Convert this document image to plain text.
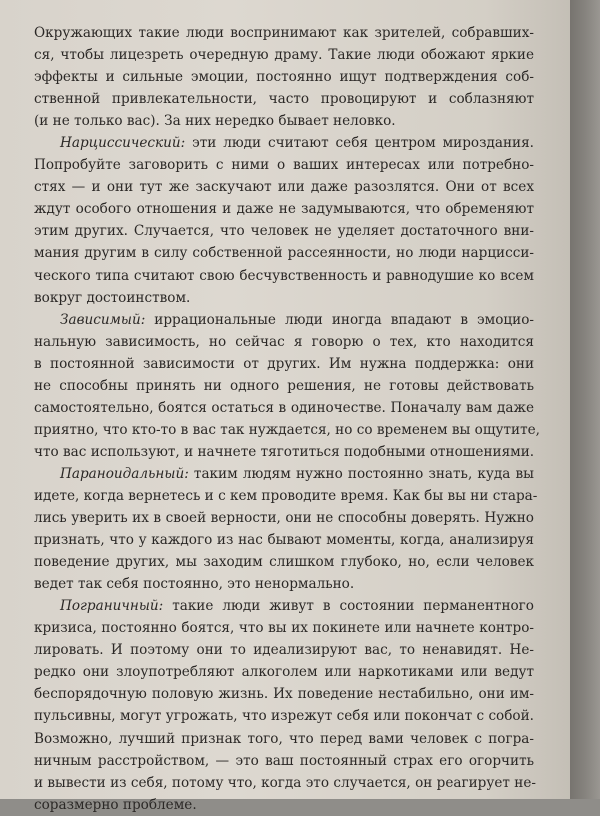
Окружающих такие люди воспринимают как зрителей, собравших-
ся, чтобы лицезреть очередную драму. Такие люди обожают яркие
эффекты и сильные эмоции, постоянно ищут подтверждения соб-
ственной привлекательности, часто провоцируют и соблазняют
(и не только вас). За них нередко бывает неловко.
Нарциссический: эти люди считают себя центром мироздания.
Попробуйте заговорить с ними о ваших интересах или потребно-
стях — и они тут же заскучают или даже разозлятся. Они от всех
ждут особого отношения и даже не задумываются, что обременяют
этим других. Случается, что человек не уделяет достаточного вни-
мания другим в силу собственной рассеянности, но люди нарцисси-
ческого типа считают свою бесчувственность и равнодушие ко всем
вокруг достоинством.
Зависимый: иррациональные люди иногда впадают в эмоцио-
нальную зависимость, но сейчас я говорю о тех, кто находится
в постоянной зависимости от других. Им нужна поддержка: они
не способны принять ни одного решения, не готовы действовать
самостоятельно, боятся остаться в одиночестве. Поначалу вам даже
приятно, что кто-то в вас так нуждается, но со временем вы ощутите,
что вас используют, и начнете тяготиться подобными отношениями.
Параноидальный: таким людям нужно постоянно знать, куда вы
идете, когда вернетесь и с кем проводите время. Как бы вы ни стара-
лись уверить их в своей верности, они не способны доверять. Нужно
признать, что у каждого из нас бывают моменты, когда, анализируя
поведение других, мы заходим слишком глубоко, но, если человек
ведет так себя постоянно, это ненормально.
Пограничный: такие люди живут в состоянии перманентного
кризиса, постоянно боятся, что вы их покинете или начнете контро-
лировать. И поэтому они то идеализируют вас, то ненавидят. Не-
редко они злоупотребляют алкоголем или наркотиками или ведут
беспорядочную половую жизнь. Их поведение нестабильно, они им-
пульсивны, могут угрожать, что изрежут себя или покончат с собой.
Возможно, лучший признак того, что перед вами человек с погра-
ничным расстройством, — это ваш постоянный страх его огорчить
и вывести из себя, потому что, когда это случается, он реагирует не-
соразмерно проблеме.
